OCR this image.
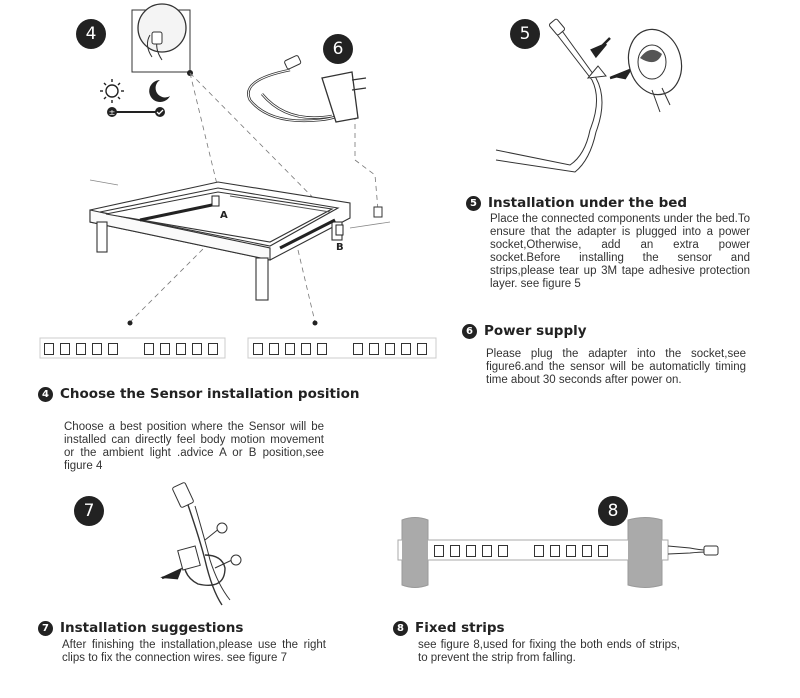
4
±
A
B
6
5
5 Installation under the bed
Place the connected components under the bed.To ensure that the adapter is plugged into a power socket,Otherwise, add an extra power socket.Before installing the sensor and strips,please tear up 3M tape adhesive protection layer. see figure 5
6 Power supply
Please plug the adapter into the socket,see figure6.and the sensor will be automaticlly timing time about 30 seconds after power on.
4 Choose the Sensor installation position
Choose a best position where the Sensor will be installed can directly feel body motion movement or the ambient light .advice A or B position,see figure 4
7
7 Installation suggestions
After finishing the installation,please use the right clips to fix the connection wires. see figure 7
8
8 Fixed strips
see figure 8,used for fixing the both ends of strips, to prevent the strip from falling.
